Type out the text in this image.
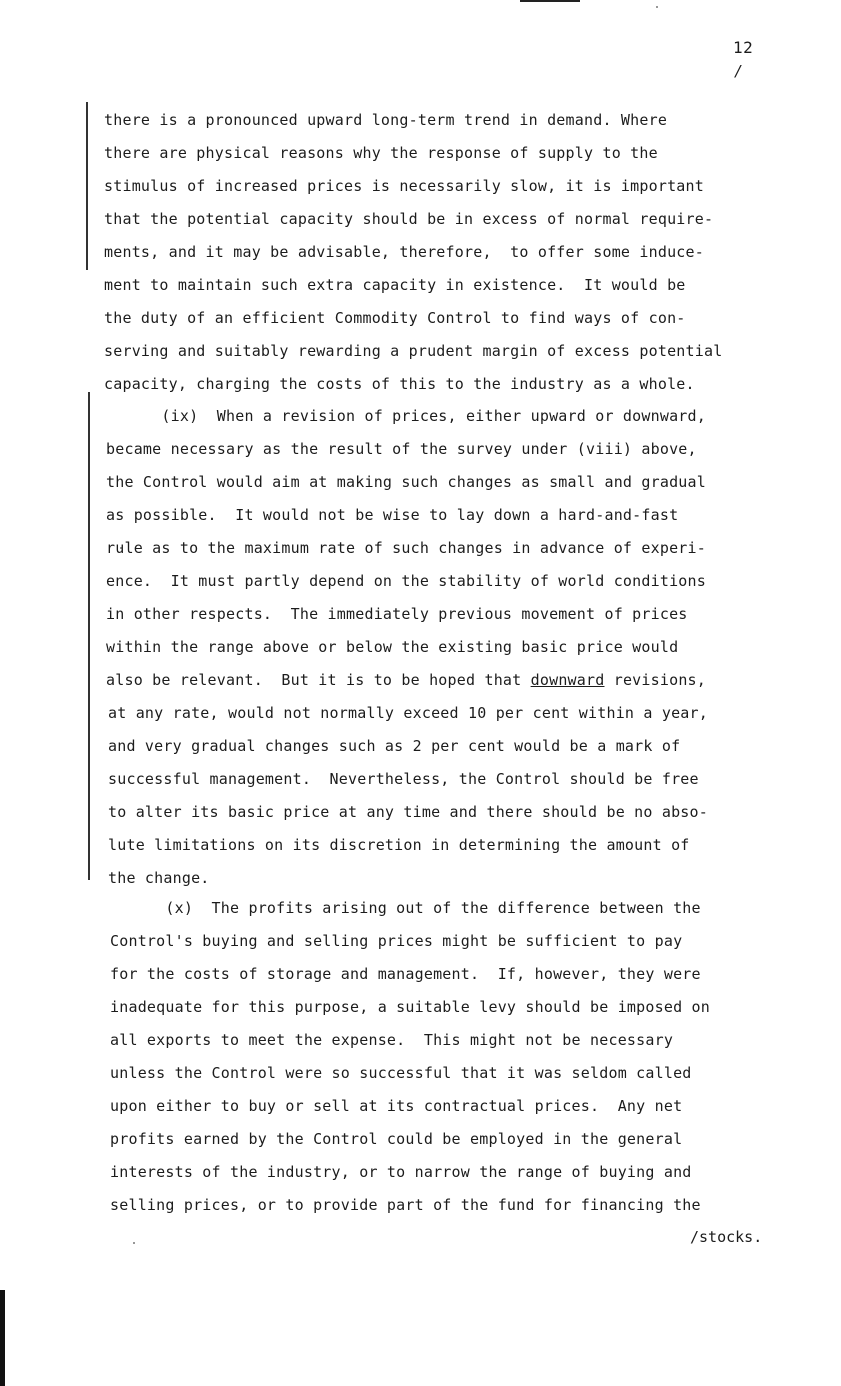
12
/
there is a pronounced upward long-term trend in demand. Where
there are physical reasons why the response of supply to the
stimulus of increased prices is necessarily slow, it is important
that the potential capacity should be in excess of normal require-
ments, and it may be advisable, therefore,  to offer some induce-
ment to maintain such extra capacity in existence.  It would be
the duty of an efficient Commodity Control to find ways of con-
serving and suitably rewarding a prudent margin of excess potential
capacity, charging the costs of this to the industry as a whole.
(ix)  When a revision of prices, either upward or downward,
became necessary as the result of the survey under (viii) above,
the Control would aim at making such changes as small and gradual
as possible.  It would not be wise to lay down a hard-and-fast
rule as to the maximum rate of such changes in advance of experi-
ence.  It must partly depend on the stability of world conditions
in other respects.  The immediately previous movement of prices
within the range above or below the existing basic price would
also be relevant.  But it is to be hoped that downward revisions,
at any rate, would not normally exceed 10 per cent within a year,
and very gradual changes such as 2 per cent would be a mark of
successful management.  Nevertheless, the Control should be free
to alter its basic price at any time and there should be no abso-
lute limitations on its discretion in determining the amount of
the change.
(x)  The profits arising out of the difference between the
Control's buying and selling prices might be sufficient to pay
for the costs of storage and management.  If, however, they were
inadequate for this purpose, a suitable levy should be imposed on
all exports to meet the expense.  This might not be necessary
unless the Control were so successful that it was seldom called
upon either to buy or sell at its contractual prices.  Any net
profits earned by the Control could be employed in the general
interests of the industry, or to narrow the range of buying and
selling prices, or to provide part of the fund for financing the
/stocks.
